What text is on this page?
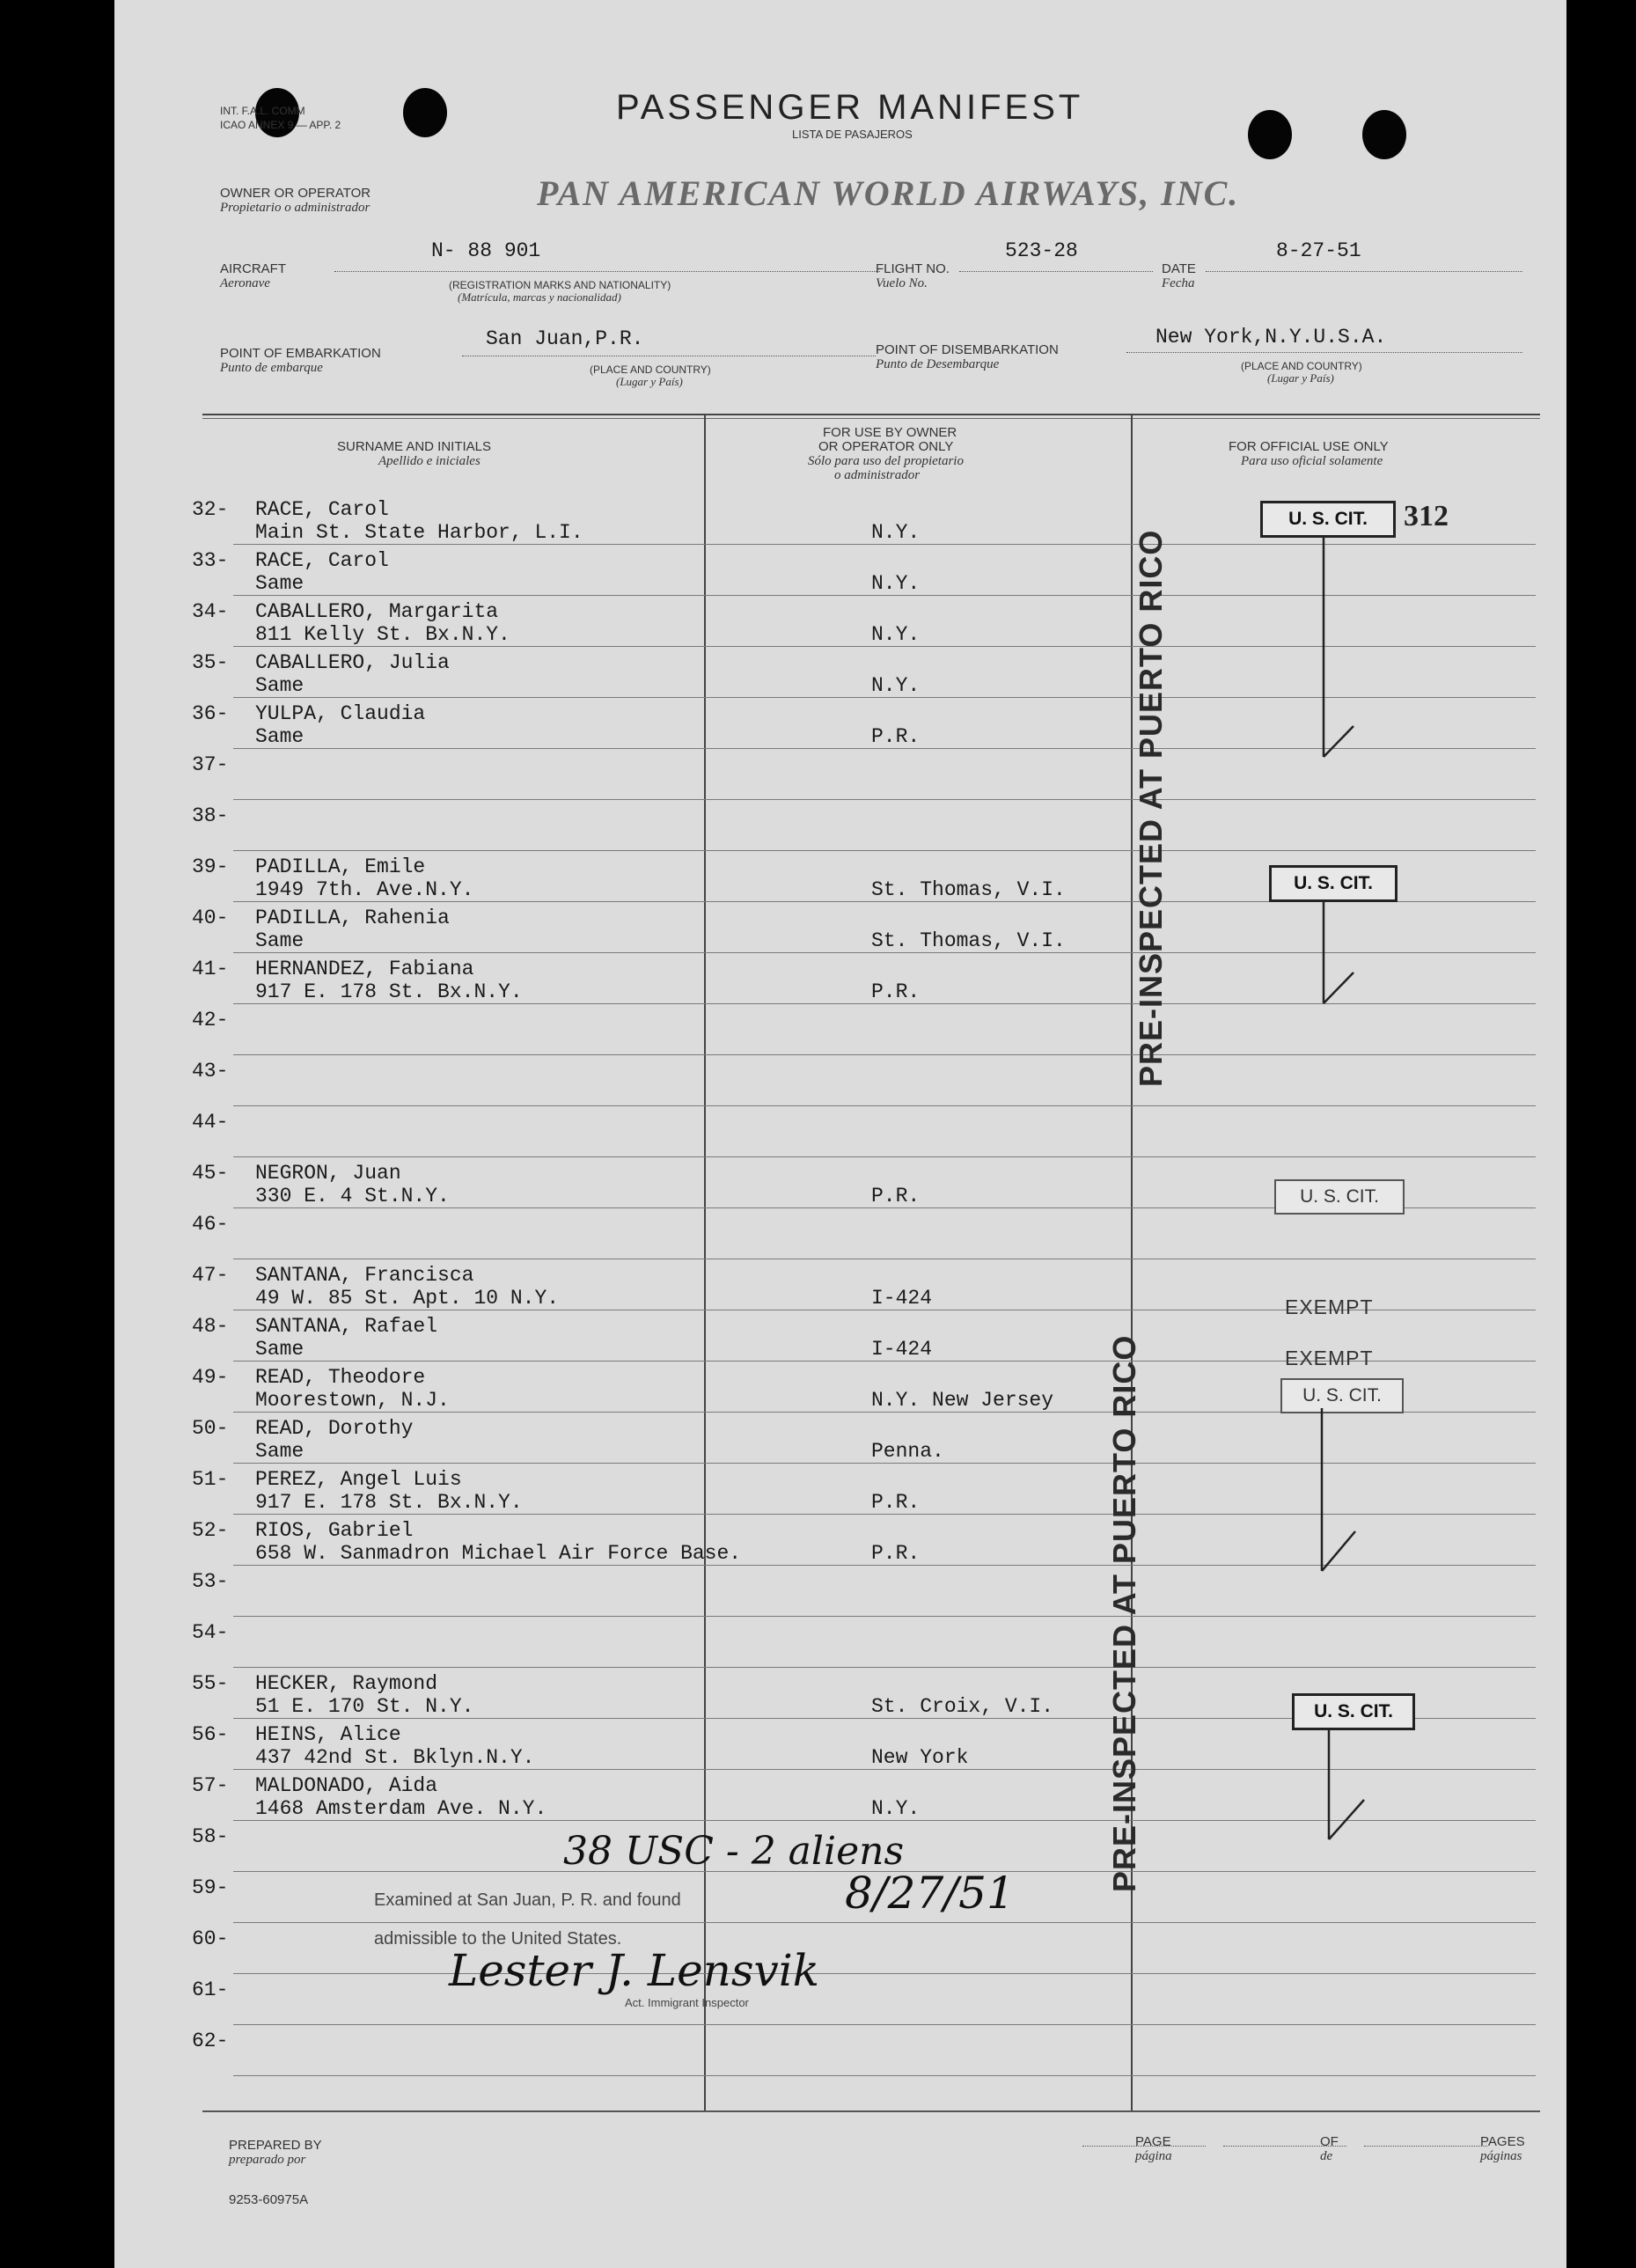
INT. F.A.L. COMM
ICAO ANNEX 9 — APP. 2	PASSENGER MANIFEST
LISTA DE PASAJEROS
OWNER OR OPERATOR
Propietario o administrador	PAN AMERICAN WORLD AIRWAYS, INC.
AIRCRAFT
Aeronave
N- 88 901
(REGISTRATION MARKS AND NATIONALITY)
(Matrícula, marcas y nacionalidad)
FLIGHT NO.
Vuelo No.
523-28
DATE
Fecha
8-27-51
POINT OF EMBARKATION
Punto de embarque
San Juan,P.R.
(PLACE AND COUNTRY)
(Lugar y País)
POINT OF DISEMBARKATION
Punto de Desembarque
New York,N.Y.U.S.A.
(PLACE AND COUNTRY)
(Lugar y País)
SURNAME AND INITIALS
Apellido e iniciales
FOR USE BY OWNER
OR OPERATOR ONLY
Sólo para uso del propietario
o administrador
FOR OFFICIAL USE ONLY
Para uso oficial solamente
32- RACE, Carol
Main St. State Harbor, L.I.	N.Y.
33- RACE, Carol
Same	N.Y.
34- CABALLERO, Margarita
811 Kelly St. Bx.N.Y.	N.Y.
35- CABALLERO, Julia
Same	N.Y.
36- YULPA, Claudia
Same	P.R.
37-
38-
39- PADILLA, Emile
1949 7th. Ave.N.Y.	St. Thomas, V.I.
40- PADILLA, Rahenia
Same	St. Thomas, V.I.
41- HERNANDEZ, Fabiana
917 E. 178 St. Bx.N.Y.	P.R.
42-
43-
44-
45- NEGRON, Juan
330 E. 4 St.N.Y.	P.R.
46-
47- SANTANA, Francisca
49 W. 85 St. Apt. 10 N.Y.	I-424
48- SANTANA, Rafael
Same	I-424
49- READ, Theodore
Moorestown, N.J.	N.Y. New Jersey
50- READ, Dorothy
Same	Penna.
51- PEREZ, Angel Luis
917 E. 178 St. Bx.N.Y.	P.R.
52- RIOS, Gabriel
658 W. Sanmadron Michael Air Force Base.	P.R.
53-
54-
55- HECKER, Raymond
51 E. 170 St. N.Y.	St. Croix, V.I.
56- HEINS, Alice
437 42nd St. Bklyn.N.Y.	New York
57- MALDONADO, Aida
1468 Amsterdam Ave. N.Y.	N.Y.
58-
59-
60-
61-
62-
U. S. CIT.	312
U. S. CIT.
U. S. CIT.
EXEMPT
EXEMPT
U. S. CIT.
U. S. CIT.
PRE-INSPECTED AT PUERTO RICO
PRE-INSPECTED AT PUERTO RICO
38 USC - 2 aliens
Examined at San Juan, P. R. and found	8/27/51
admissible to the United States.
Lester J. Lensvik
Act. Immigrant Inspector
PREPARED BY
preparado por
9253-60975A
PAGE
página
OF
de
PAGES
páginas
